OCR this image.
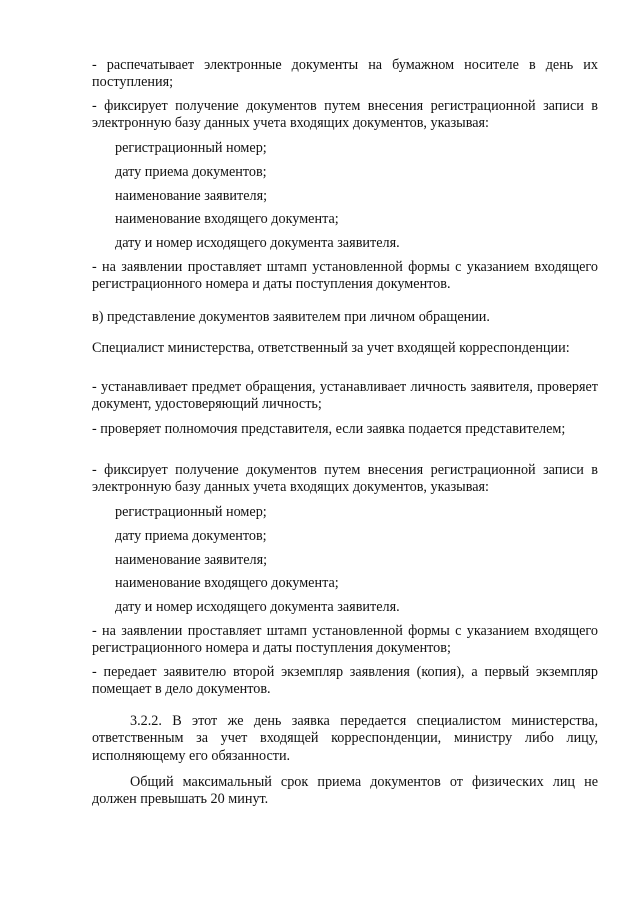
- распечатывает электронные документы на бумажном носителе в день их поступления;

- фиксирует получение документов путем внесения регистрационной записи в электронную базу данных учета входящих документов, указывая:

регистрационный номер;

дату приема документов;

наименование заявителя;

наименование входящего документа;

дату и номер исходящего документа заявителя.

- на заявлении проставляет штамп установленной формы с указанием входящего регистрационного номера и даты поступления документов.

в) представление документов заявителем при личном обращении.

Специалист министерства, ответственный за учет входящей корреспонденции:

- устанавливает предмет обращения, устанавливает личность заявителя, проверяет документ, удостоверяющий личность;

- проверяет полномочия представителя, если заявка подается представителем;

- фиксирует получение документов путем внесения регистрационной записи в электронную базу данных учета входящих документов, указывая:

регистрационный номер;

дату приема документов;

наименование заявителя;

наименование входящего документа;

дату и номер исходящего документа заявителя.

- на заявлении проставляет штамп установленной формы с указанием входящего регистрационного номера и даты поступления документов;

- передает заявителю второй экземпляр заявления (копия), а первый экземпляр помещает в дело документов.

3.2.2. В этот же день заявка передается специалистом министерства, ответственным за учет входящей корреспонденции, министру либо лицу, исполняющему его обязанности.

Общий максимальный срок приема документов от физических лиц не должен превышать 20 минут.
